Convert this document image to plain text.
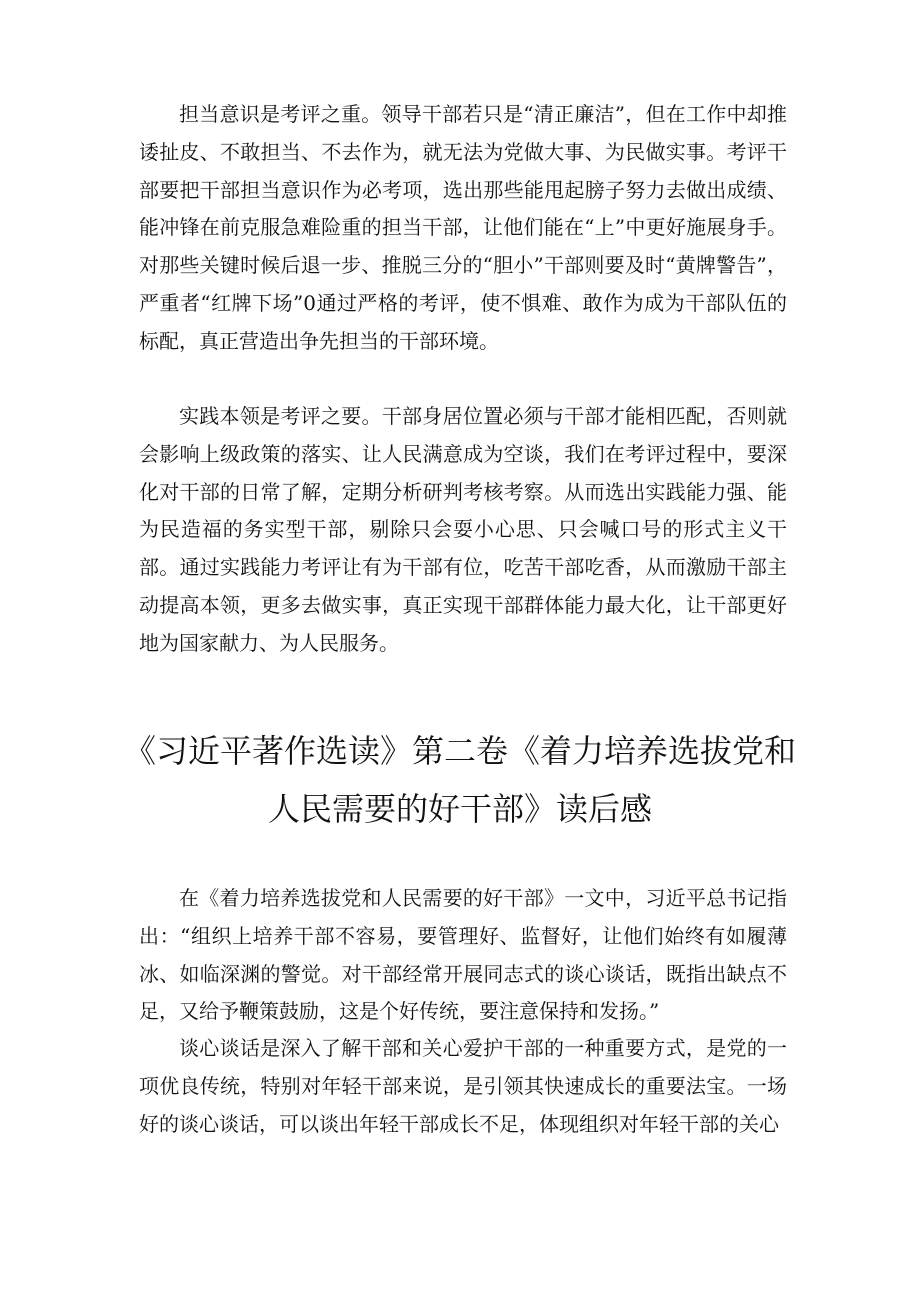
担当意识是考评之重。领导干部若只是“清正廉洁”，但在工作中却推诿扯皮、不敢担当、不去作为，就无法为党做大事、为民做实事。考评干部要把干部担当意识作为必考项，选出那些能甩起膀子努力去做出成绩、能冲锋在前克服急难险重的担当干部，让他们能在“上”中更好施展身手。对那些关键时候后退一步、推脱三分的“胆小”干部则要及时“黄牌警告”，严重者“红牌下场”0通过严格的考评，使不惧难、敢作为成为干部队伍的标配，真正营造出争先担当的干部环境。

实践本领是考评之要。干部身居位置必须与干部才能相匹配，否则就会影响上级政策的落实、让人民满意成为空谈，我们在考评过程中，要深化对干部的日常了解，定期分析研判考核考察。从而选出实践能力强、能为民造福的务实型干部，剔除只会耍小心思、只会喊口号的形式主义干部。通过实践能力考评让有为干部有位，吃苦干部吃香，从而激励干部主动提高本领，更多去做实事，真正实现干部群体能力最大化，让干部更好地为国家献力、为人民服务。

《习近平著作选读》第二卷《着力培养选拔党和人民需要的好干部》读后感

在《着力培养选拔党和人民需要的好干部》一文中，习近平总书记指出：“组织上培养干部不容易，要管理好、监督好，让他们始终有如履薄冰、如临深渊的警觉。对干部经常开展同志式的谈心谈话，既指出缺点不足，又给予鞭策鼓励，这是个好传统，要注意保持和发扬。”

谈心谈话是深入了解干部和关心爱护干部的一种重要方式，是党的一项优良传统，特别对年轻干部来说，是引领其快速成长的重要法宝。一场好的谈心谈话，可以谈出年轻干部成长不足，体现组织对年轻干部的关心
